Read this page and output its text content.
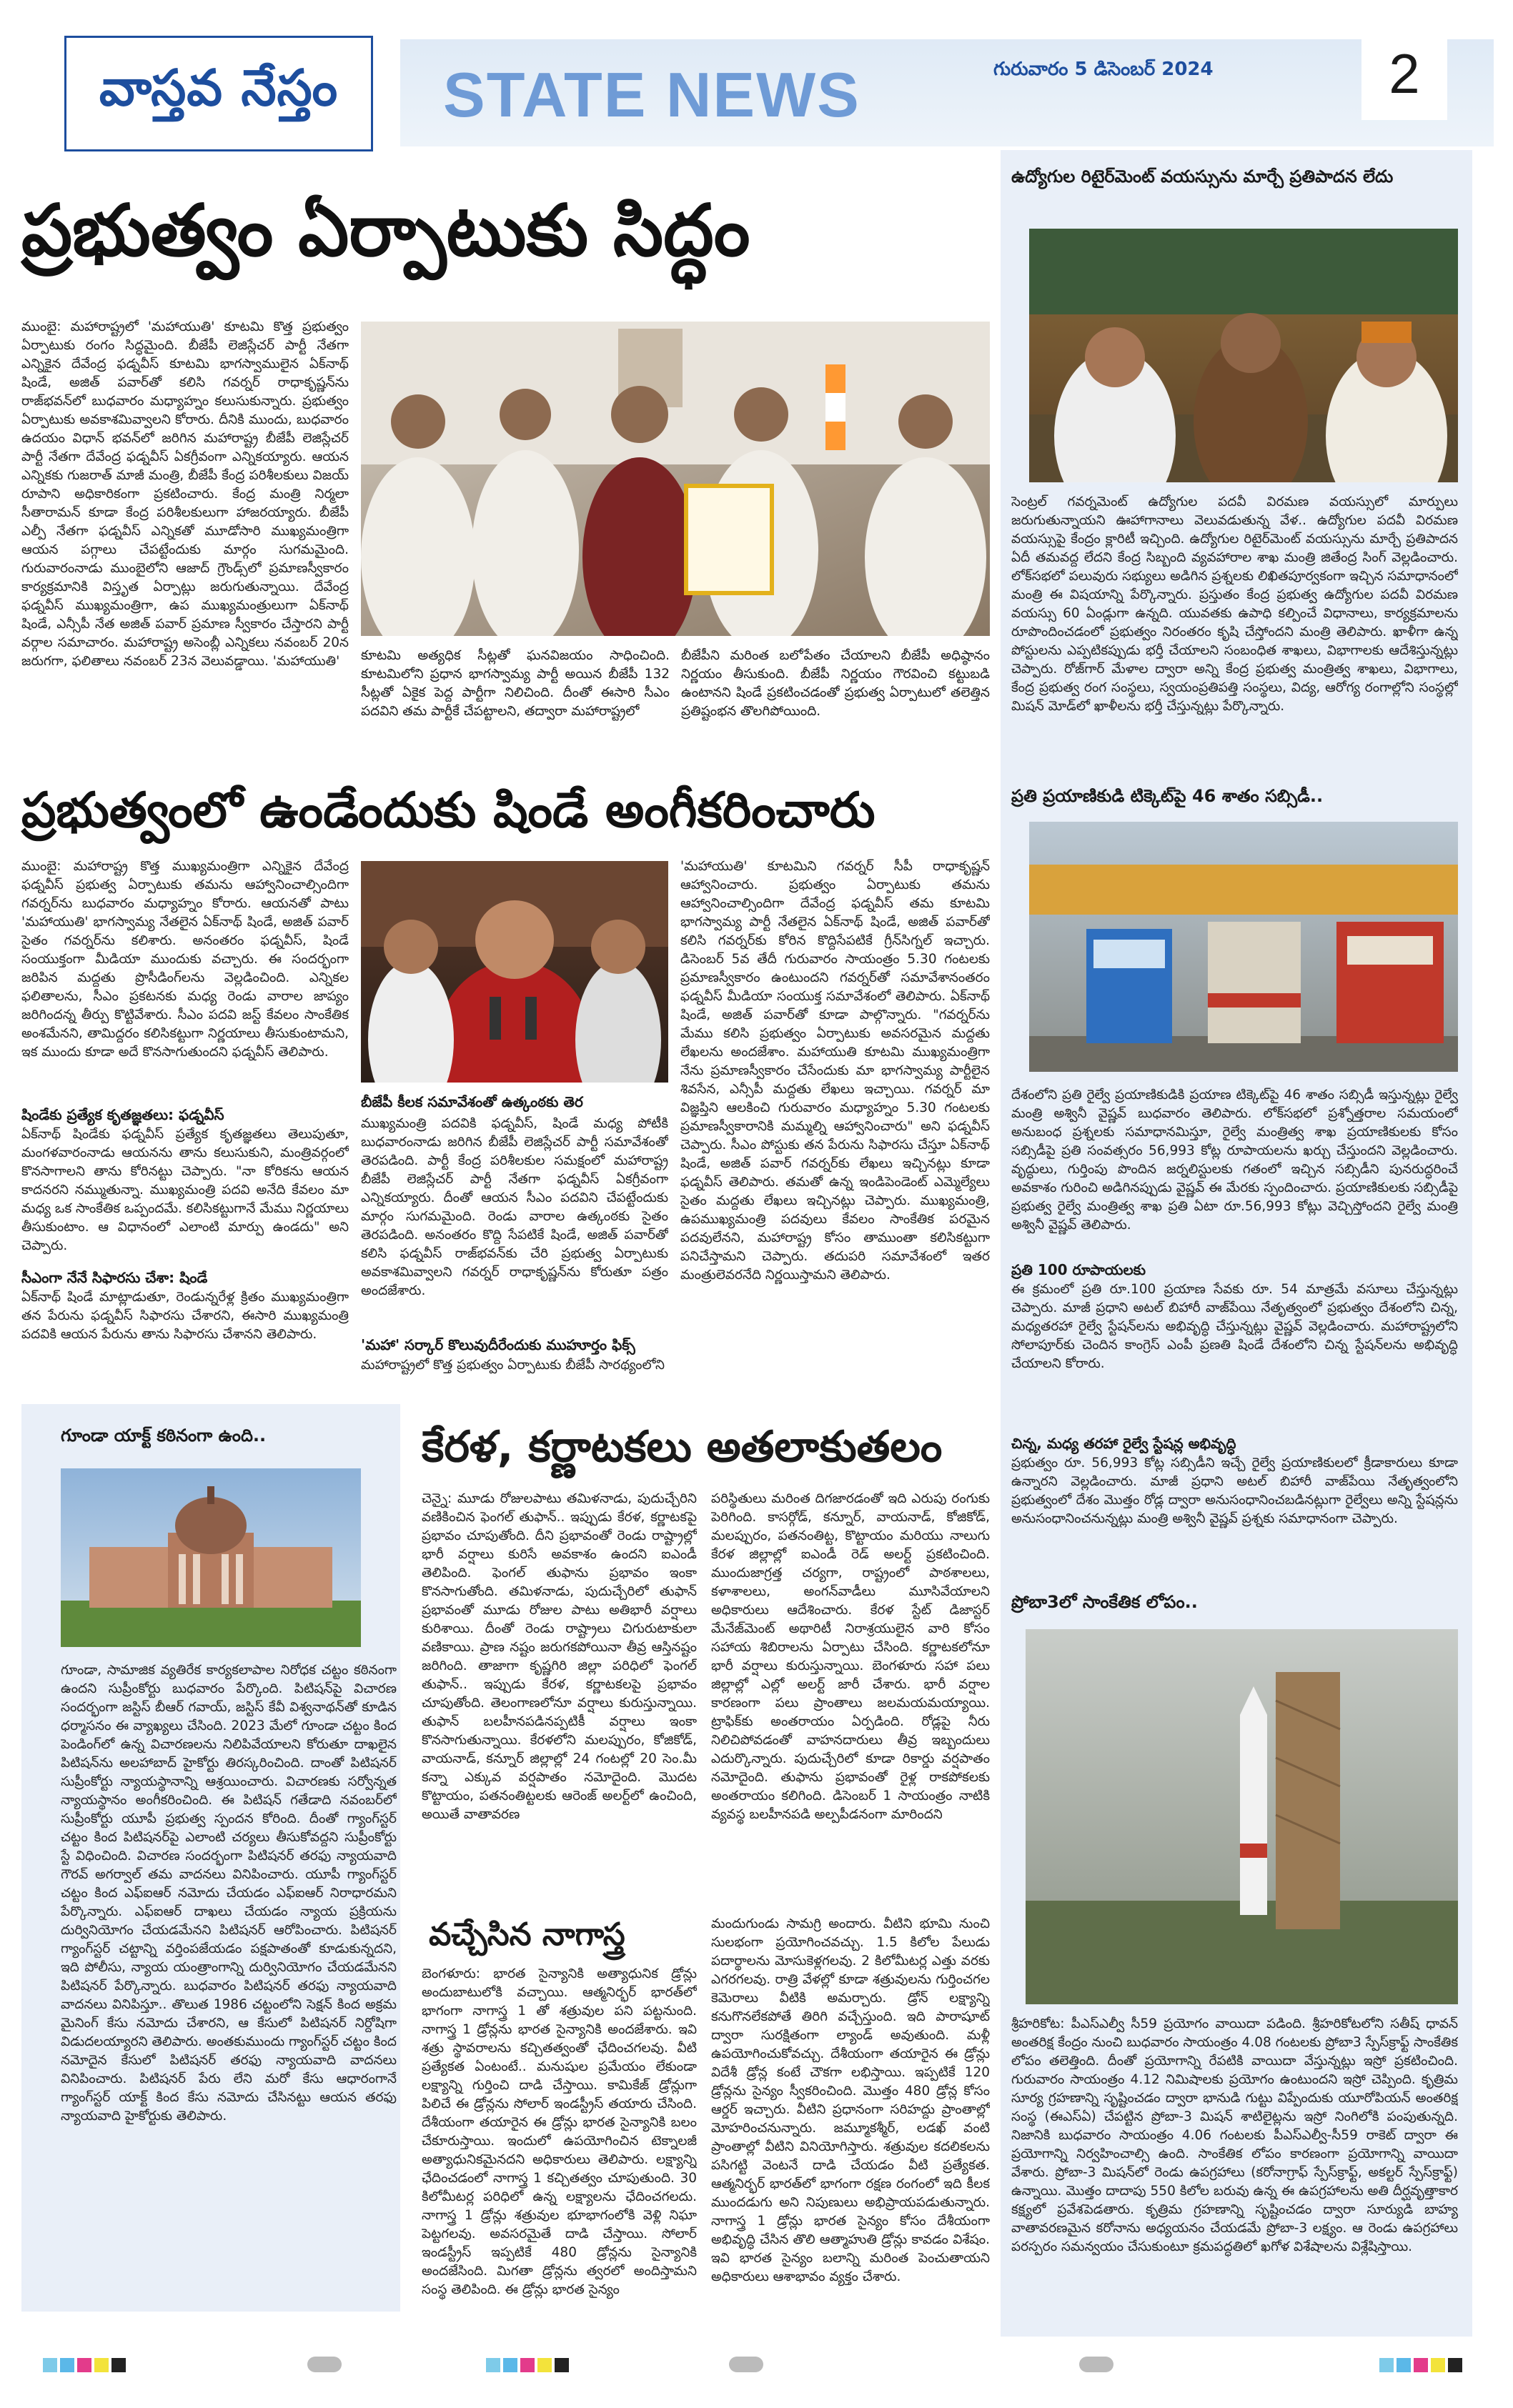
వాస్తవ నేస్తం STATE NEWS	గురువారం 5 డిసెంబర్ 2024	2
ప్రభుత్వం ఏర్పాటుకు సిద్ధం
ముంబై: మహారాష్ట్రలో 'మహాయుతి' కూటమి కొత్త ప్రభుత్వం ఏర్పాటుకు రంగం సిద్ధమైంది. బీజేపీ లెజిస్లేచర్ పార్టీ నేతగా ఎన్నికైన దేవేంద్ర ఫడ్నవీస్ కూటమి భాగస్వాములైన ఏక్‌నాథ్ షిండే, అజిత్ పవార్‌తో కలిసి గవర్నర్ రాధాకృష్ణన్‌ను రాజ్‌భవన్‌లో బుధవారం మధ్యాహ్నం కలుసుకున్నారు. ప్రభుత్వం ఏర్పాటుకు అవకాశమివ్వాలని కోరారు. దీనికి ముందు, బుధవారం ఉదయం విధాన్ భవన్‌లో జరిగిన మహారాష్ట్ర బీజేపీ లెజిస్లేచర్ పార్టీ నేతగా దేవేంద్ర ఫడ్నవీస్ ఏకగ్రీవంగా ఎన్నికయ్యారు. ఆయన ఎన్నికకు గుజరాత్ మాజీ మంత్రి, బీజేపీ కేంద్ర పరిశీలకులు విజయ్ రూపాని అధికారికంగా ప్రకటించారు. కేంద్ర మంత్రి నిర్మలా సీతారామన్ కూడా కేంద్ర పరిశీలకులుగా హాజరయ్యారు. బీజేపీ ఎల్పీ నేతగా ఫడ్నవీస్ ఎన్నికతో మూడోసారి ముఖ్యమంత్రిగా ఆయన పగ్గాలు చేపట్టేందుకు మార్గం సుగమమైంది. గురువారంనాడు ముంబైలోని ఆజాద్ గ్రౌండ్స్‌లో ప్రమాణస్వీకారం కార్యక్రమానికి విస్తృత ఏర్పాట్లు జరుగుతున్నాయి. దేవేంద్ర ఫడ్నవీస్ ముఖ్యమంత్రిగా, ఉప ముఖ్యమంత్రులుగా ఏక్‌నాథ్ షిండే, ఎన్సీపీ నేత అజిత్ పవార్ ప్రమాణ స్వీకారం చేస్తారని పార్టీ వర్గాల సమాచారం. మహారాష్ట్ర అసెంబ్లీ ఎన్నికలు నవంబర్ 20న జరుగగా, ఫలితాలు నవంబర్ 23న వెలువడ్డాయి. 'మహాయుతి'	కూటమి అత్యధిక సీట్లతో ఘనవిజయం సాధించింది. కూటమిలోని ప్రధాన భాగస్వామ్య పార్టీ అయిన బీజేపీ 132 సీట్లతో ఏకైక పెద్ద పార్టీగా నిలిచింది. దీంతో ఈసారి సీఎం పదవిని తమ పార్టీకే చేపట్టాలని, తద్వారా మహారాష్ట్రలో
బీజేపీని మరింత బలోపేతం చేయాలని బీజేపీ అధిష్ఠానం నిర్ణయం తీసుకుంది. బీజేపీ నిర్ణయం గౌరవించి కట్టుబడి ఉంటానని షిండే ప్రకటించడంతో ప్రభుత్వ ఏర్పాటులో తలెత్తిన ప్రతిష్టంభన తొలగిపోయింది.
ప్రభుత్వంలో ఉండేందుకు షిండే అంగీకరించారు
ముంబై: మహారాష్ట్ర కొత్త ముఖ్యమంత్రిగా ఎన్నికైన దేవేంద్ర ఫడ్నవీస్ ప్రభుత్వ ఏర్పాటుకు తమను ఆహ్వానించాల్సిందిగా గవర్నర్‌ను బుధవారం మధ్యాహ్నం కోరారు. ఆయనతో పాటు 'మహాయుతి' భాగస్వామ్య నేతలైన ఏక్‌నాథ్ షిండే, అజిత్ పవార్ సైతం గవర్నర్‌ను కలిశారు. అనంతరం ఫడ్నవీస్, షిండే సంయుక్తంగా మీడియా ముందుకు వచ్చారు. ఈ సందర్భంగా జరిపిన మద్దతు ప్రొసీడింగ్‌లను వెల్లడించింది. ఎన్నికల ఫలితాలను, సీఎం ప్రకటనకు మధ్య రెండు వారాల జాప్యం జరిగిందన్న తీర్పు కొట్టివేశారు. సీఎం పదవి జస్ట్ కేవలం సాంకేతిక అంశమేనని, తామిద్దరం కలిసికట్టుగా నిర్ణయాలు తీసుకుంటామని, ఇక ముందు కూడా అదే కొనసాగుతుందని ఫడ్నవీస్ తెలిపారు.
షిండేకు ప్రత్యేక కృతజ్ఞతలు: ఫడ్నవీస్
ఏక్‌నాథ్ షిండేకు ఫడ్నవీస్ ప్రత్యేక కృతజ్ఞతలు తెలుపుతూ, మంగళవారంనాడు ఆయనను తాను కలుసుకుని, మంత్రివర్గంలో కొనసాగాలని తాను కోరినట్టు చెప్పారు. "నా కోరికను ఆయన కాదనరని నమ్ముతున్నా. ముఖ్యమంత్రి పదవి అనేది కేవలం మా మధ్య ఒక సాంకేతిక ఒప్పందమే. కలిసికట్టుగానే మేము నిర్ణయాలు తీసుకుంటాం. ఆ విధానంలో ఎలాంటి మార్పు ఉండదు" అని చెప్పారు.
సీఎంగా నేనే సిఫారసు చేశా: షిండే
ఏక్‌నాథ్ షిండే మాట్లాడుతూ, రెండున్నరేళ్ల క్రితం ముఖ్యమంత్రిగా తన పేరును ఫడ్నవీస్ సిఫారసు చేశారని, ఈసారి ముఖ్యమంత్రి పదవికి ఆయన పేరును తాను సిఫారసు చేశానని తెలిపారు.
బీజేపీ కీలక సమావేశంతో ఉత్కంఠకు తెర
ముఖ్యమంత్రి పదవికి ఫడ్నవీస్, షిండే మధ్య పోటీకి బుధవారంనాడు జరిగిన బీజేపీ లెజిస్లేచర్ పార్టీ సమావేశంతో తెరపడింది. పార్టీ కేంద్ర పరిశీలకుల సమక్షంలో మహారాష్ట్ర బీజేపీ లెజిస్లేచర్ పార్టీ నేతగా ఫడ్నవీస్ ఏకగ్రీవంగా ఎన్నికయ్యారు. దీంతో ఆయన సీఎం పదవిని చేపట్టేందుకు మార్గం సుగమమైంది. రెండు వారాల ఉత్కంఠకు సైతం తెరపడింది. అనంతరం కొద్ది సేపటికే షిండే, అజిత్ పవార్‌తో కలిసి ఫడ్నవీస్ రాజ్‌భవన్‌కు చేరి ప్రభుత్వ ఏర్పాటుకు అవకాశమివ్వాలని గవర్నర్ రాధాకృష్ణన్‌ను కోరుతూ పత్రం అందజేశారు.
'మహా' సర్కార్ కొలువుదీరేందుకు ముహూర్తం ఫిక్స్
మహారాష్ట్రలో కొత్త ప్రభుత్వం ఏర్పాటుకు బీజేపీ సారథ్యంలోని
'మహాయుతి' కూటమిని గవర్నర్ సీపీ రాధాకృష్ణన్ ఆహ్వానించారు. ప్రభుత్వం ఏర్పాటుకు తమను ఆహ్వానించాల్సిందిగా దేవేంద్ర ఫడ్నవీస్ తమ కూటమి భాగస్వామ్య పార్టీ నేతలైన ఏక్‌నాథ్ షిండే, అజిత్ పవార్‌తో కలిసి గవర్నర్‌కు కోరిన కొద్దిసేపటికే గ్రీన్‌సిగ్నల్ ఇచ్చారు. డిసెంబర్ 5వ తేదీ గురువారం సాయంత్రం 5.30 గంటలకు ప్రమాణస్వీకారం ఉంటుందని గవర్నర్‌తో సమావేశానంతరం ఫడ్నవీస్ మీడియా సంయుక్త సమావేశంలో తెలిపారు. ఏక్‌నాథ్ షిండే, అజిత్ పవార్‌తో కూడా పాల్గొన్నారు. "గవర్నర్‌ను మేము కలిసి ప్రభుత్వం ఏర్పాటుకు అవసరమైన మద్దతు లేఖలను అందజేశాం. మహాయుతి కూటమి ముఖ్యమంత్రిగా నేను ప్రమాణస్వీకారం చేసేందుకు మా భాగస్వామ్య పార్టీలైన శివసేన, ఎన్సీపీ మద్దతు లేఖలు ఇచ్చాయి. గవర్నర్ మా విజ్ఞప్తిని ఆలకించి గురువారం మధ్యాహ్నం 5.30 గంటలకు ప్రమాణస్వీకారానికి మమ్మల్ని ఆహ్వానించారు" అని ఫడ్నవీస్ చెప్పారు. సీఎం పోస్టుకు తన పేరును సిఫారసు చేస్తూ ఏక్‌నాథ్ షిండే, అజిత్ పవార్ గవర్నర్‌కు లేఖలు ఇచ్చినట్లు కూడా ఫడ్నవీస్ తెలిపారు. తమతో ఉన్న ఇండిపెండెంట్ ఎమ్మెల్యేలు సైతం మద్దతు లేఖలు ఇచ్చినట్లు చెప్పారు. ముఖ్యమంత్రి, ఉపముఖ్యమంత్రి పదవులు కేవలం సాంకేతిక పరమైన పదవులేనని, మహారాష్ట్ర కోసం తాముంతా కలిసికట్టుగా పనిచేస్తామని చెప్పారు. తదుపరి సమావేశంలో ఇతర మంత్రులెవరనేది నిర్ణయిస్తామని తెలిపారు.
గూండా యాక్ట్ కఠినంగా ఉంది..
గూండా, సామాజిక వ్యతిరేక కార్యకలాపాల నిరోధక చట్టం కఠినంగా ఉందని సుప్రీంకోర్టు బుధవారం పేర్కొంది. పిటిషన్‌పై విచారణ సందర్భంగా జస్టిస్ బీఆర్ గవాయ్, జస్టిస్ కేవీ విశ్వనాథన్‌తో కూడిన ధర్మాసనం ఈ వ్యాఖ్యలు చేసింది. 2023 మేలో గూండా చట్టం కింద పెండింగ్‌లో ఉన్న విచారణలను నిలిపివేయాలని కోరుతూ దాఖలైన పిటిషన్‌ను అలహాబాద్ హైకోర్టు తిరస్కరించింది. దాంతో పిటిషనర్ సుప్రీంకోర్టు న్యాయస్థానాన్ని ఆశ్రయించారు. విచారణకు సర్వోన్నత న్యాయస్థానం అంగీకరించింది. ఈ పిటిషన్ గతేడాది నవంబర్‌లో సుప్రీంకోర్టు యూపీ ప్రభుత్వ స్పందన కోరింది. దీంతో గ్యాంగ్‌స్టర్ చట్టం కింద పిటిషనర్‌పై ఎలాంటి చర్యలు తీసుకోవద్దని సుప్రీంకోర్టు స్టే విధించింది. విచారణ సందర్భంగా పిటిషనర్ తరఫు న్యాయవాది గౌరవ్ అగర్వాల్ తమ వాదనలు వినిపించారు. యూపీ గ్యాంగ్‌స్టర్ చట్టం కింద ఎఫ్ఐఆర్ నమోదు చేయడం ఎఫ్ఐఆర్ నిరాధారమని పేర్కొన్నారు. ఎఫ్ఐఆర్ దాఖలు చేయడం న్యాయ ప్రక్రియను దుర్వినియోగం చేయడమేనని పిటిషనర్ ఆరోపించారు. పిటిషనర్ గ్యాంగ్‌స్టర్ చట్టాన్ని వర్తింపజేయడం పక్షపాతంతో కూడుకున్నదని, ఇది పోలీసు, న్యాయ యంత్రాంగాన్ని దుర్వినియోగం చేయడమేనని పిటిషనర్ పేర్కొన్నారు. బుధవారం పిటిషనర్ తరఫు న్యాయవాది వాదనలు వినిపిస్తూ.. తొలుత 1986 చట్టంలోని సెక్షన్ కింద అక్రమ మైనింగ్ కేసు నమోదు చేశారని, ఆ కేసులో పిటిషనర్ నిర్దోషిగా విడుదలయ్యారని తెలిపారు. అంతకుముందు గ్యాంగ్‌స్టర్ చట్టం కింద నమోదైన కేసులో పిటిషనర్ తరఫు న్యాయవాది వాదనలు వినిపించారు. పిటిషనర్ పేరు లేని మరో కేసు ఆధారంగానే గ్యాంగ్‌స్టర్ యాక్ట్ కింద కేసు నమోదు చేసినట్టు ఆయన తరఫు న్యాయవాది హైకోర్టుకు తెలిపారు.
కేరళ, కర్ణాటకలు అతలాకుతలం
చెన్నై: మూడు రోజులపాటు తమిళనాడు, పుదుచ్చేరిని వణికించిన ఫెంగల్ తుఫాన్.. ఇప్పుడు కేరళ, కర్ణాటకపై ప్రభావం చూపుతోంది. దీని ప్రభావంతో రెండు రాష్ట్రాల్లో భారీ వర్షాలు కురిసే అవకాశం ఉందని ఐఎండీ తెలిపింది. ఫెంగల్ తుఫాను ప్రభావం ఇంకా కొనసాగుతోంది. తమిళనాడు, పుదుచ్చేరిలో తుఫాన్ ప్రభావంతో మూడు రోజుల పాటు అతిభారీ వర్షాలు కురిశాయి. దీంతో రెండు రాష్ట్రాలు చిగురుటాకులా వణికాయి. ప్రాణ నష్టం జరుగకపోయినా తీవ్ర ఆస్తినష్టం జరిగింది. తాజాగా కృష్ణగిరి జిల్లా పరిధిలో ఫెంగల్ తుఫాన్.. ఇప్పుడు కేరళ, కర్ణాటకలపై ప్రభావం చూపుతోంది. తెలంగాణలోనూ వర్షాలు కురుస్తున్నాయి. తుఫాన్ బలహీనపడినప్పటికీ వర్షాలు ఇంకా కొనసాగుతున్నాయి. కేరళలోని మలప్పురం, కోజికోడ్, వాయనాడ్, కన్నూర్ జిల్లాల్లో 24 గంటల్లో 20 సెం.మీ కన్నా ఎక్కువ వర్షపాతం నమోదైంది. మొదట కొట్టాయం, పతనంతిట్టలకు ఆరెంజ్ అలర్ట్‌లో ఉంచింది, అయితే వాతావరణ
పరిస్థితులు మరింత దిగజారడంతో ఇది ఎరుపు రంగుకు పెరిగింది. కాసర్గోడ్, కన్నూర్, వాయనాడ్, కోజికోడ్, మలప్పురం, పతనంతిట్ట, కొట్టాయం మరియు నాలుగు కేరళ జిల్లాల్లో ఐఎండీ రెడ్ అలర్ట్ ప్రకటించింది. ముందుజాగ్రత్త చర్యగా, రాష్ట్రంలో పాఠశాలలు, కళాశాలలు, అంగన్‌వాడీలు మూసివేయాలని అధికారులు ఆదేశించారు. కేరళ స్టేట్ డిజాస్టర్ మేనేజ్‌మెంట్ అథారిటీ నిరాశ్రయులైన వారి కోసం సహాయ శిబిరాలను ఏర్పాటు చేసింది. కర్ణాటకలోనూ భారీ వర్షాలు కురుస్తున్నాయి. బెంగళూరు సహా పలు జిల్లాల్లో ఎల్లో అలర్ట్ జారీ చేశారు. భారీ వర్షాల కారణంగా పలు ప్రాంతాలు జలమయమయ్యాయి. ట్రాఫిక్‌కు అంతరాయం ఏర్పడింది. రోడ్లపై నీరు నిలిచిపోవడంతో వాహనదారులు తీవ్ర ఇబ్బందులు ఎదుర్కొన్నారు. పుదుచ్చేరిలో కూడా రికార్డు వర్షపాతం నమోదైంది. తుఫాను ప్రభావంతో రైళ్ల రాకపోకలకు అంతరాయం కలిగింది. డిసెంబర్ 1 సాయంత్రం నాటికి వ్యవస్థ బలహీనపడి అల్పపీడనంగా మారిందని
వచ్చేసిన నాగాస్త్ర
బెంగళూరు: భారత సైన్యానికి అత్యాధునిక డ్రోన్లు అందుబాటులోకి వచ్చాయి. ఆత్మనిర్భర్ భారత్‌లో భాగంగా నాగాస్త్ర 1 తో శత్రువుల పని పట్టనుంది. నాగాస్త్ర 1 డ్రోన్లను భారత సైన్యానికి అందజేశారు. ఇవి శత్రు స్థావరాలను కచ్చితత్వంతో ఛేదించగలవు. వీటి ప్రత్యేకత ఏంటంటే.. మనుషుల ప్రమేయం లేకుండా లక్ష్యాన్ని గుర్తించి దాడి చేస్తాయి. కామికేజ్ డ్రోన్లుగా పిలిచే ఈ డ్రోన్లను సోలార్ ఇండస్ట్రీస్ తయారు చేసింది. దేశీయంగా తయారైన ఈ డ్రోన్లు భారత సైన్యానికి బలం చేకూరుస్తాయి. ఇందులో ఉపయోగించిన టెక్నాలజీ అత్యాధునికమైనదని అధికారులు తెలిపారు. లక్ష్యాన్ని ఛేదించడంలో నాగాస్త్ర 1 కచ్చితత్వం చూపుతుంది. 30 కిలోమీటర్ల పరిధిలో ఉన్న లక్ష్యాలను ఛేదించగలదు. నాగాస్త్ర 1 డ్రోన్లు శత్రువుల భూభాగంలోకి వెళ్లి నిఘా పెట్టగలవు. అవసరమైతే దాడి చేస్తాయి. సోలార్ ఇండస్ట్రీస్ ఇప్పటికే 480 డ్రోన్లను సైన్యానికి అందజేసింది. మిగతా డ్రోన్లను త్వరలో అందిస్తామని సంస్థ తెలిపింది. ఈ డ్రోన్లు భారత సైన్యం
మందుగుండు సామగ్రి అందారు. వీటిని భూమి నుంచి సులభంగా ప్రయోగించవచ్చు. 1.5 కిలోల పేలుడు పదార్థాలను మోసుకెళ్లగలవు. 2 కిలోమీటర్ల ఎత్తు వరకు ఎగరగలవు. రాత్రి వేళల్లో కూడా శత్రువులను గుర్తించగల కెమెరాలు వీటికి అమర్చారు. డ్రోన్ లక్ష్యాన్ని కనుగొనలేకపోతే తిరిగి వచ్చేస్తుంది. ఇది పారాషూట్ ద్వారా సురక్షితంగా ల్యాండ్ అవుతుంది. మళ్లీ ఉపయోగించుకోవచ్చు. దేశీయంగా తయారైన ఈ డ్రోన్లు విదేశీ డ్రోన్ల కంటే చౌకగా లభిస్తాయి. ఇప్పటికే 120 డ్రోన్లను సైన్యం స్వీకరించింది. మొత్తం 480 డ్రోన్ల కోసం ఆర్డర్ ఇచ్చారు. వీటిని ప్రధానంగా సరిహద్దు ప్రాంతాల్లో మోహరించనున్నారు. జమ్మూకశ్మీర్, లడఖ్ వంటి ప్రాంతాల్లో వీటిని వినియోగిస్తారు. శత్రువుల కదలికలను పసిగట్టి వెంటనే దాడి చేయడం వీటి ప్రత్యేకత. ఆత్మనిర్భర్ భారత్‌లో భాగంగా రక్షణ రంగంలో ఇది కీలక ముందడుగు అని నిపుణులు అభిప్రాయపడుతున్నారు. నాగాస్త్ర 1 డ్రోన్లు భారత సైన్యం కోసం దేశీయంగా అభివృద్ధి చేసిన తొలి ఆత్మాహుతి డ్రోన్లు కావడం విశేషం. ఇవి భారత సైన్యం బలాన్ని మరింత పెంచుతాయని అధికారులు ఆశాభావం వ్యక్తం చేశారు.
ఉద్యోగుల రిటైర్‌మెంట్ వయస్సును మార్చే ప్రతిపాదన లేదు
సెంట్రల్ గవర్నమెంట్ ఉద్యోగుల పదవీ విరమణ వయస్సులో మార్పులు జరుగుతున్నాయని ఊహాగానాలు వెలువడుతున్న వేళ.. ఉద్యోగుల పదవీ విరమణ వయస్సుపై కేంద్రం క్లారిటీ ఇచ్చింది. ఉద్యోగుల రిటైర్‌మెంట్ వయస్సును మార్చే ప్రతిపాదన ఏదీ తమవద్ద లేదని కేంద్ర సిబ్బంది వ్యవహారాల శాఖ మంత్రి జితేంద్ర సింగ్ వెల్లడించారు. లోక్‌సభలో పలువురు సభ్యులు అడిగిన ప్రశ్నలకు లిఖితపూర్వకంగా ఇచ్చిన సమాధానంలో మంత్రి ఈ విషయాన్ని పేర్కొన్నారు. ప్రస్తుతం కేంద్ర ప్రభుత్వ ఉద్యోగుల పదవీ విరమణ వయస్సు 60 ఏండ్లుగా ఉన్నది. యువతకు ఉపాధి కల్పించే విధానాలు, కార్యక్రమాలను రూపొందించడంలో ప్రభుత్వం నిరంతరం కృషి చేస్తోందని మంత్రి తెలిపారు. ఖాళీగా ఉన్న పోస్టులను ఎప్పటికప్పుడు భర్తీ చేయాలని సంబంధిత శాఖలు, విభాగాలకు ఆదేశిస్తున్నట్లు చెప్పారు. రోజ్‌గార్ మేళాల ద్వారా అన్ని కేంద్ర ప్రభుత్వ మంత్రిత్వ శాఖలు, విభాగాలు, కేంద్ర ప్రభుత్వ రంగ సంస్థలు, స్వయంప్రతిపత్తి సంస్థలు, విద్య, ఆరోగ్య రంగాల్లోని సంస్థల్లో మిషన్ మోడ్‌లో ఖాళీలను భర్తీ చేస్తున్నట్లు పేర్కొన్నారు.
ప్రతి ప్రయాణికుడి టిక్కెట్‌పై 46 శాతం సబ్సిడీ..
దేశంలోని ప్రతి రైల్వే ప్రయాణికుడికి ప్రయాణ టిక్కెట్‌పై 46 శాతం సబ్సిడీ ఇస్తున్నట్లు రైల్వే మంత్రి అశ్వినీ వైష్ణవ్ బుధవారం తెలిపారు. లోక్‌సభలో ప్రశ్నోత్తరాల సమయంలో అనుబంధ ప్రశ్నలకు సమాధానమిస్తూ, రైల్వే మంత్రిత్వ శాఖ ప్రయాణికులకు కోసం సబ్సిడీపై ప్రతి సంవత్సరం 56,993 కోట్ల రూపాయలను ఖర్చు చేస్తుందని వెల్లడించారు. వృద్ధులు, గుర్తింపు పొందిన జర్నలిస్టులకు గతంలో ఇచ్చిన సబ్సిడీని పునరుద్ధరించే అవకాశం గురించి అడిగినప్పుడు వైష్ణవ్ ఈ మేరకు స్పందించారు. ప్రయాణికులకు సబ్సిడీపై ప్రభుత్వ రైల్వే మంత్రిత్వ శాఖ ప్రతి ఏటా రూ.56,993 కోట్లు వెచ్చిస్తోందని రైల్వే మంత్రి అశ్వినీ వైష్ణవ్ తెలిపారు.
ప్రతి 100 రూపాయలకు
ఈ క్రమంలో ప్రతి రూ.100 ప్రయాణ సేవకు రూ. 54 మాత్రమే వసూలు చేస్తున్నట్లు చెప్పారు. మాజీ ప్రధాని అటల్ బిహారీ వాజ్‌పేయి నేతృత్వంలో ప్రభుత్వం దేశంలోని చిన్న, మధ్యతరహా రైల్వే స్టేషన్‌లను అభివృద్ధి చేస్తున్నట్లు వైష్ణవ్ వెల్లడించారు. మహారాష్ట్రలోని సోలాపూర్‌కు చెందిన కాంగ్రెస్ ఎంపీ ప్రణతి షిండే దేశంలోని చిన్న స్టేషన్‌లను అభివృద్ధి చేయాలని కోరారు.
చిన్న, మధ్య తరహా రైల్వే స్టేషన్ల అభివృద్ధి
ప్రభుత్వం రూ. 56,993 కోట్ల సబ్సిడీని ఇచ్చే రైల్వే ప్రయాణికులలో క్రీడాకారులు కూడా ఉన్నారని వెల్లడించారు. మాజీ ప్రధాని అటల్ బిహారీ వాజ్‌పేయి నేతృత్వంలోని ప్రభుత్వంలో దేశం మొత్తం రోడ్ల ద్వారా అనుసంధానించబడినట్లుగా రైల్వేలు అన్ని స్టేషన్లను అనుసంధానించనున్నట్లు మంత్రి అశ్వినీ వైష్ణవ్ ప్రశ్నకు సమాధానంగా చెప్పారు.
ప్రోబా3లో సాంకేతిక లోపం..
శ్రీహరికోట: పీఎస్ఎల్వీ సీ59 ప్రయోగం వాయిదా పడింది. శ్రీహరికోటలోని సతీష్ ధావన్ అంతరిక్ష కేంద్రం నుంచి బుధవారం సాయంత్రం 4.08 గంటలకు ప్రోబా3 స్పేస్‌క్రాఫ్ట్ సాంకేతిక లోపం తలెత్తింది. దీంతో ప్రయోగాన్ని రేపటికి వాయిదా వేస్తున్నట్లు ఇస్రో ప్రకటించింది. గురువారం సాయంత్రం 4.12 నిమిషాలకు ప్రయోగం ఉంటుందని ఇస్రో చెప్పింది. కృత్రిమ సూర్య గ్రహణాన్ని సృష్టించడం ద్వారా భానుడి గుట్టు విప్పేందుకు యూరోపియన్ అంతరిక్ష సంస్థ (ఈఎస్ఏ) చేపట్టిన ప్రోబా-3 మిషన్ శాటిలైట్లను ఇస్రో నింగిలోకి పంపుతున్నది. నిజానికి బుధవారం సాయంత్రం 4.06 గంటలకు పీఎస్ఎల్వీ-సీ59 రాకెట్ ద్వారా ఈ ప్రయోగాన్ని నిర్వహించాల్సి ఉంది. సాంకేతిక లోపం కారణంగా ప్రయోగాన్ని వాయిదా వేశారు. ప్రోబా-3 మిషన్‌లో రెండు ఉపగ్రహాలు (కరోనాగ్రాఫ్ స్పేస్‌క్రాఫ్ట్, అకల్టర్ స్పేస్‌క్రాఫ్ట్) ఉన్నాయి. మొత్తం దాదాపు 550 కిలోల బరువు ఉన్న ఈ ఉపగ్రహాలను అతి దీర్ఘవృత్తాకార కక్ష్యలో ప్రవేశపెడతారు. కృత్రిమ గ్రహణాన్ని సృష్టించడం ద్వారా సూర్యుడి బాహ్య వాతావరణమైన కరోనాను అధ్యయనం చేయడమే ప్రోబా-3 లక్ష్యం. ఆ రెండు ఉపగ్రహాలు పరస్పరం సమన్వయం చేసుకుంటూ క్రమపద్ధతిలో ఖగోళ విశేషాలను విశ్లేషిస్తాయి.
